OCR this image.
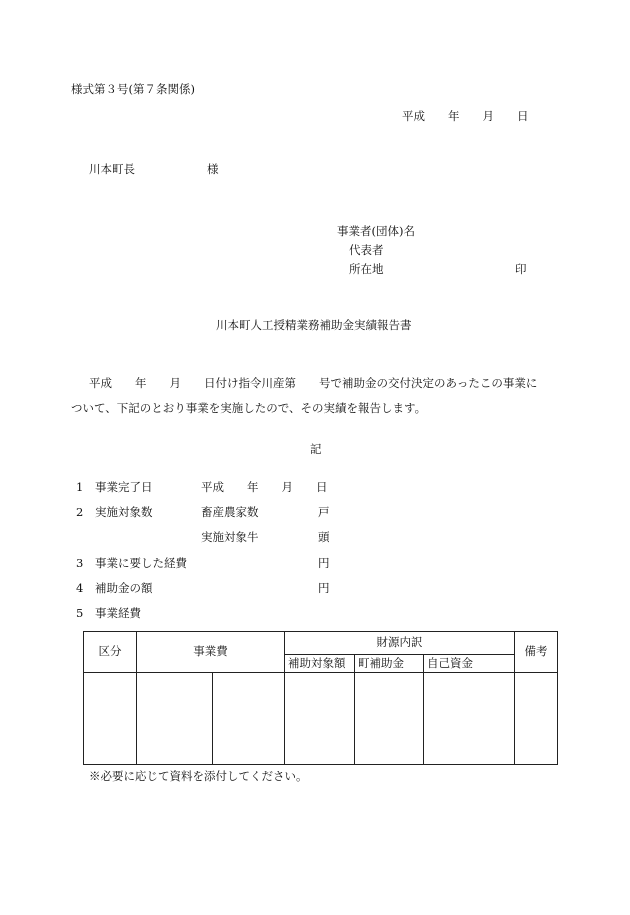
様式第３号(第７条関係)
平成　　年　　月　　日
川本町長	様
事業者(団体)名
代表者
所在地	印
川本町人工授精業務補助金実績報告書
平成　　年　　月　　日付け指令川産第　　号で補助金の交付決定のあったこの事業に
ついて、下記のとおり事業を実施したので、その実績を報告します。
記
1 事業完了日	平成　　年　　月　　日
2 実施対象数	畜産農家数	戸
実施対象牛	頭
3 事業に要した経費	円
4 補助金の額	円
5 事業経費
区分	事業費		財源内訳			備考
			補助対象額	町補助金	自己資金	

※必要に応じて資料を添付してください。
